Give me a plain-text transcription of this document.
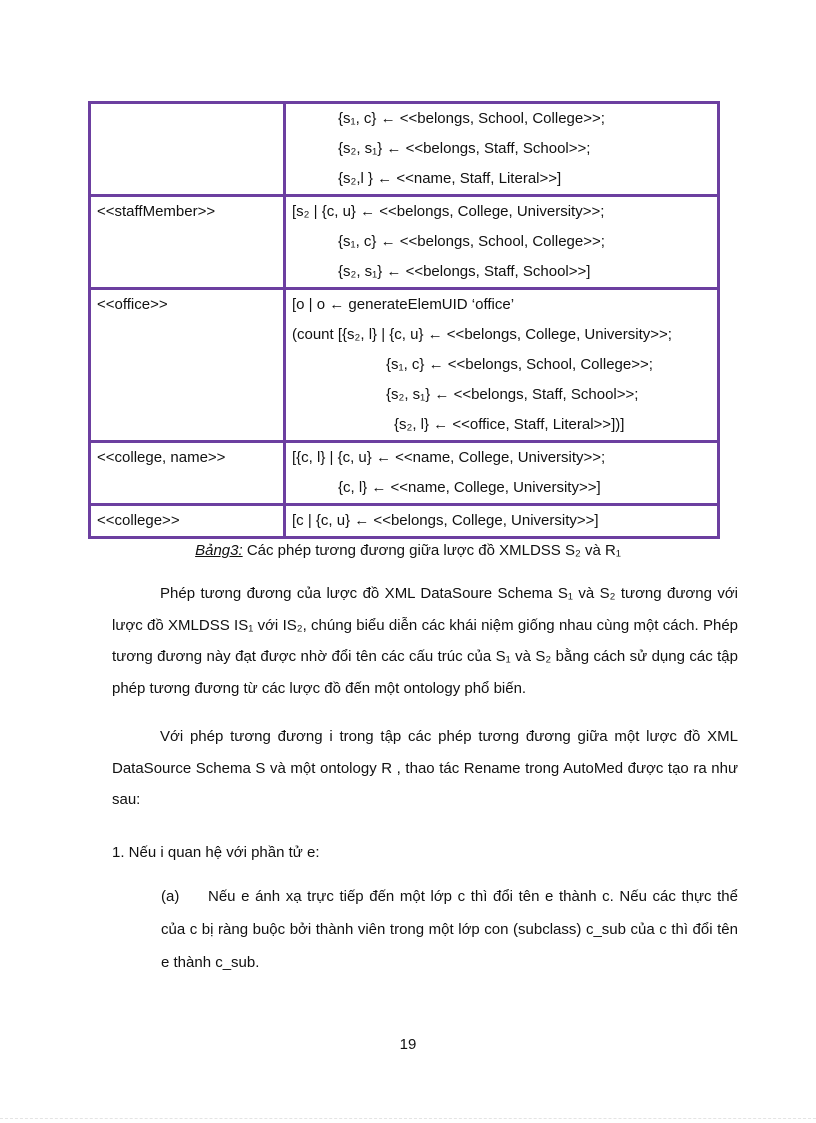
	{s₁, c} ← <<belongs, School, College>>;
{s₂, s₁} ← <<belongs, Staff, School>>;
{s₂,l } ← <<name, Staff, Literal>>]

<<staffMember>>	[s₂ | {c, u} ← <<belongs, College, University>>;
{s₁, c} ← <<belongs, School, College>>;
{s₂, s₁} ← <<belongs, Staff, School>>]

<<office>>	[o | o ← generateElemUID ‘office’
(count [{s₂, l} | {c, u} ← <<belongs, College, University>>;
{s₁, c} ← <<belongs, School, College>>;
{s₂, s₁} ← <<belongs, Staff, School>>;
{s₂, l} ← <<office, Staff, Literal>>])]

<<college, name>>	[{c, l} | {c, u} ← <<name, College, University>>;
{c, l} ← <<name, College, University>>]

<<college>>	[c | {c, u} ← <<belongs, College, University>>]
Bảng3: Các phép tương đương giữa lược đồ XMLDSS S₂ và R₁
Phép tương đương của lược đồ XML DataSoure Schema S₁ và S₂ tương đương với lược đồ XMLDSS IS₁ với IS₂, chúng biểu diễn các khái niệm giống nhau cùng một cách. Phép tương đương này đạt được nhờ đổi tên các cấu trúc của S₁ và S₂ bằng cách sử dụng các tập phép tương đương từ các lược đồ đến một ontology phổ biến.
Với phép tương đương i trong tập các phép tương đương giữa một lược đồ XML DataSource Schema S và một ontology R , thao tác Rename trong AutoMed được tạo ra như sau:
1. Nếu i quan hệ với phần tử e:
(a) Nếu e ánh xạ trực tiếp đến một lớp c thì đổi tên e thành c. Nếu các thực thể của c bị ràng buộc bởi thành viên trong một lớp con (subclass) c_sub của c thì đổi tên e thành c_sub.
19
